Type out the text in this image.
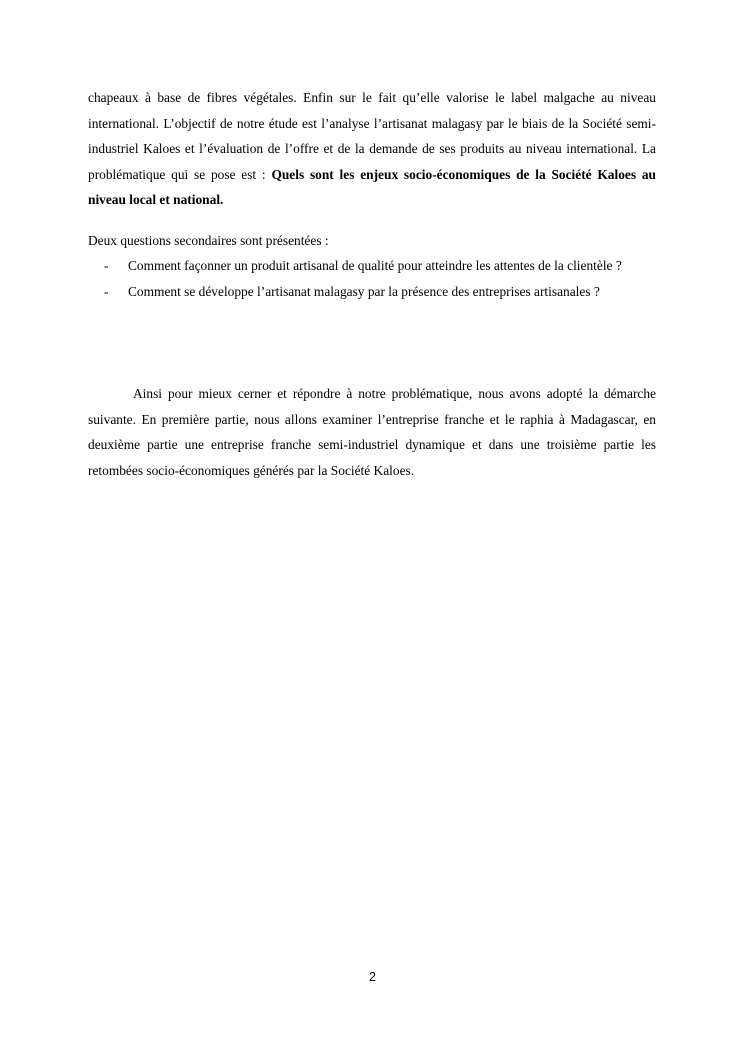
chapeaux à base de fibres végétales. Enfin sur le fait qu’elle valorise le label malgache au niveau international. L’objectif de notre étude est l’analyse l’artisanat malagasy par le biais de la Société semi-industriel Kaloes et l’évaluation de l’offre et de la demande de ses produits au niveau international. La problématique qui se pose est : Quels sont les enjeux socio-économiques de la Société Kaloes au niveau local et national.

Deux questions secondaires sont présentées :

- Comment façonner un produit artisanal de qualité pour atteindre les attentes de la clientèle ?
- Comment se développe l’artisanat malagasy par la présence des entreprises artisanales ?

Ainsi pour mieux cerner et répondre à notre problématique, nous avons adopté la démarche suivante. En première partie, nous allons examiner l’entreprise franche et le raphia à Madagascar, en deuxième partie une entreprise franche semi-industriel dynamique et dans une troisième partie les retombées socio-économiques générés par la Société Kaloes.

2
